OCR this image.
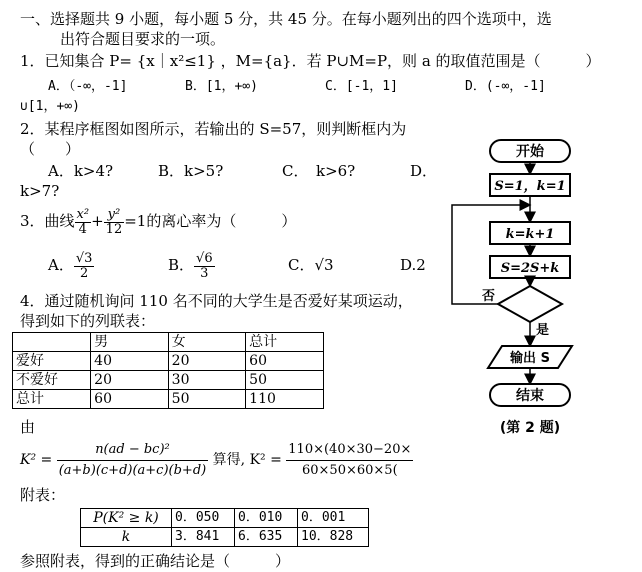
一、选择题共 9 小题，每小题 5 分，共 45 分。在每小题列出的四个选项中，选
出符合题目要求的一项。
1．已知集合 P= {x｜x²≤1} ，M={a}．若 P∪M=P，则 a 的取值范围是（　　　）
A．（-∞，-1]	B．[1，+∞)	C．[-1，1]	D．(-∞，-1]
∪[1，+∞)
2．某程序框图如图所示，若输出的 S=57，则判断框内为
（　　）
A．k>4?	B．k>5?	C．　k>6?	D．
k>7?
3．曲线 $\frac{\text{x²}}{4} + \frac{\text{y²}}{12} =1$的离心率为（　　　）
A． $\frac{√3}{2}$	B． $\frac{√6}{3}$	C．√3	D.2
4．通过随机询问 110 名不同的大学生是否爱好某项运动，
得到如下的列联表：
	男	女	总计
爱好	40	20	60
不爱好	20	30	50
总计	60	50	110
由
$K^2 = \frac{\text{n(ad − bc)²}}{(a+b)(c+d)(a+c)(b+d)}$ 算得, $K^2 = \frac{110\times(40\times 30-20\times}{60\times 50\times 60\times 5(}$
附表：
P(K² ≥ k)	0．050	0．010	0．001
k	3．841	6．635	10．828
参照附表，得到的正确结论是（　　　）
开始
S=1，k=1
k=k+1
S=2S+k
否
是
输出 S
结束
(第 2 题)
